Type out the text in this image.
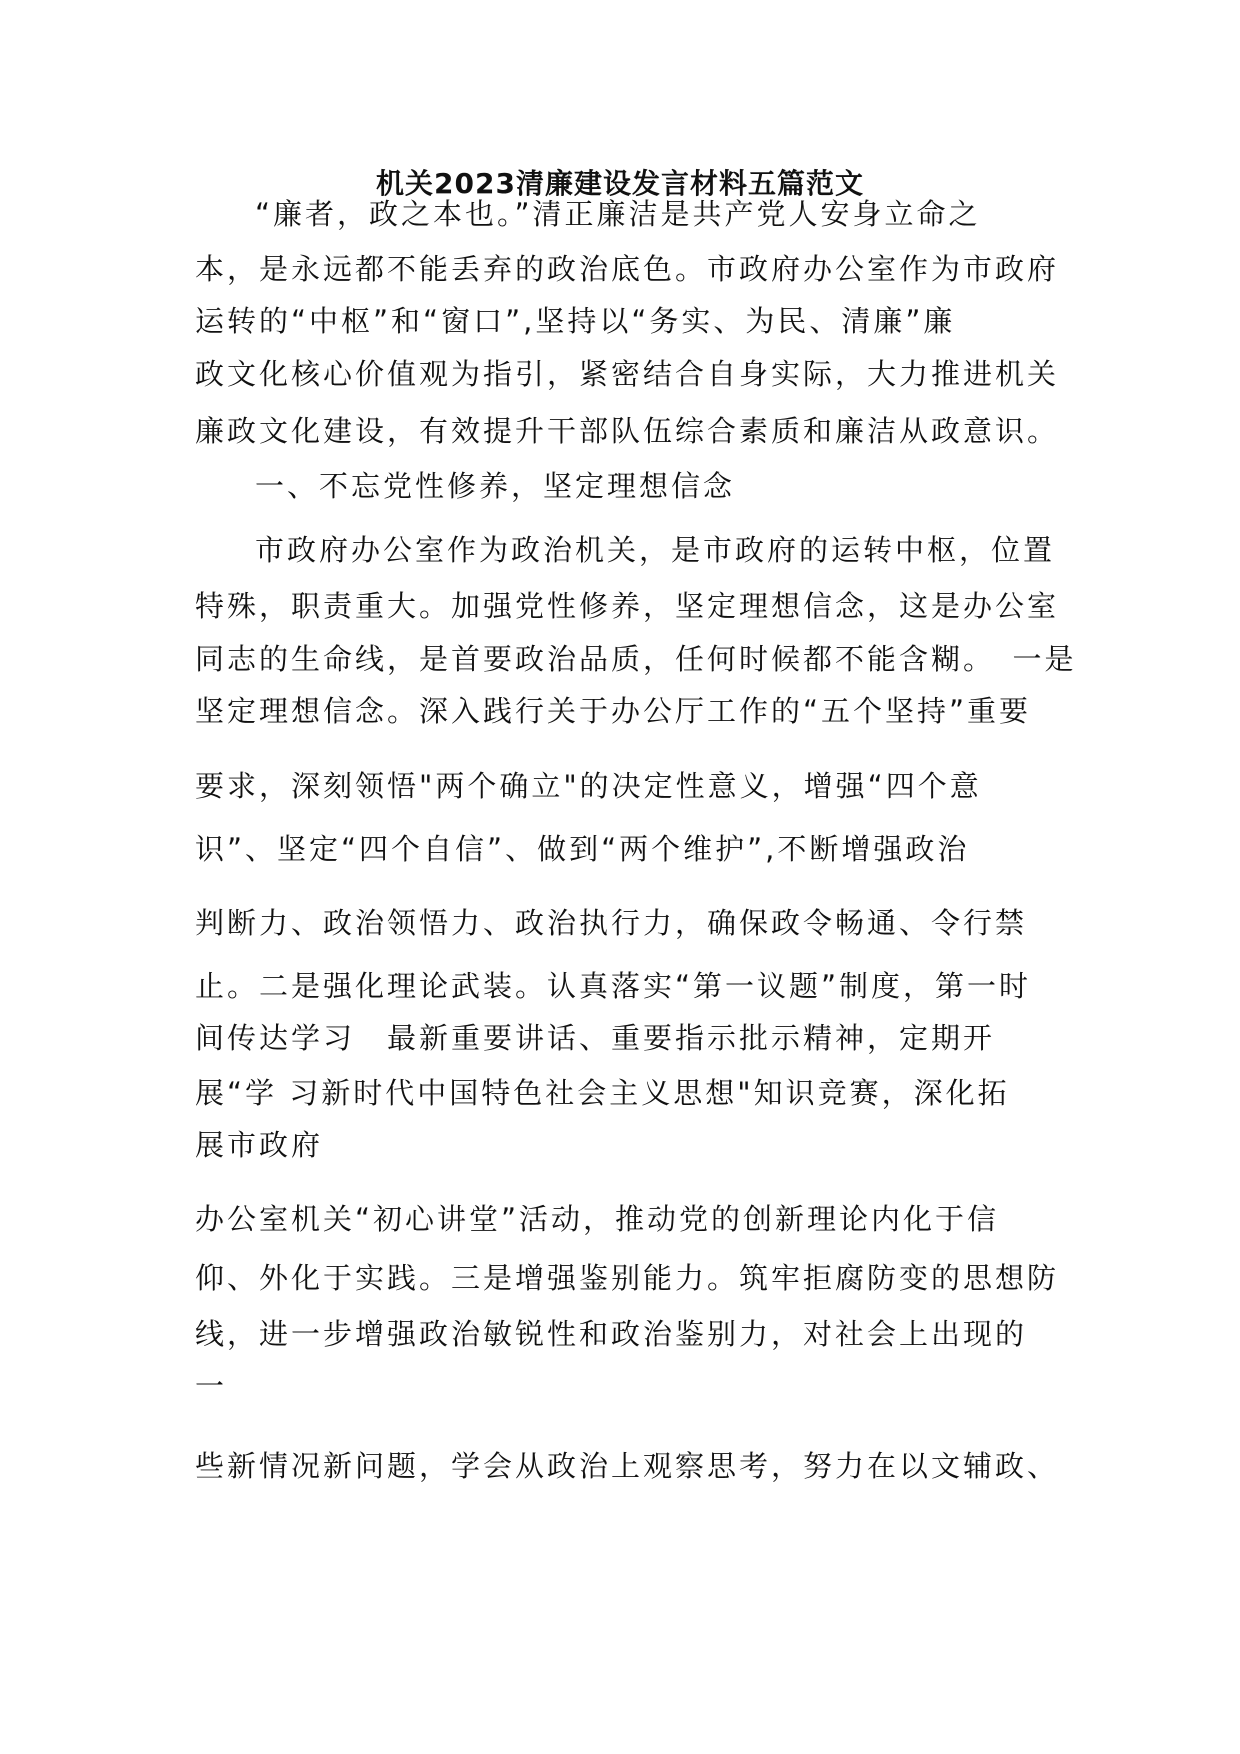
机关2023清廉建设发言材料五篇范文
“廉者，政之本也。”清正廉洁是共产党人安身立命之
本，是永远都不能丢弃的政治底色。市政府办公室作为市政府
运转的“中枢”和“窗口”,坚持以“务实、为民、清廉”廉
政文化核心价值观为指引，紧密结合自身实际，大力推进机关
廉政文化建设，有效提升干部队伍综合素质和廉洁从政意识。
一、不忘党性修养，坚定理想信念
市政府办公室作为政治机关，是市政府的运转中枢，位置
特殊，职责重大。加强党性修养，坚定理想信念，这是办公室
同志的生命线，是首要政治品质，任何时候都不能含糊。　一是
坚定理想信念。深入践行关于办公厅工作的“五个坚持”重要
要求，深刻领悟"两个确立"的决定性意义，增强“四个意
识”、坚定“四个自信”、做到“两个维护”,不断增强政治
判断力、政治领悟力、政治执行力，确保政令畅通、令行禁
止。二是强化理论武装。认真落实“第一议题”制度，第一时
间传达学习　最新重要讲话、重要指示批示精神，定期开
展“学 习新时代中国特色社会主义思想"知识竞赛，深化拓
展市政府
办公室机关“初心讲堂”活动，推动党的创新理论内化于信
仰、外化于实践。三是增强鉴别能力。筑牢拒腐防变的思想防
线，进一步增强政治敏锐性和政治鉴别力，对社会上出现的
一
些新情况新问题，学会从政治上观察思考，努力在以文辅政、
